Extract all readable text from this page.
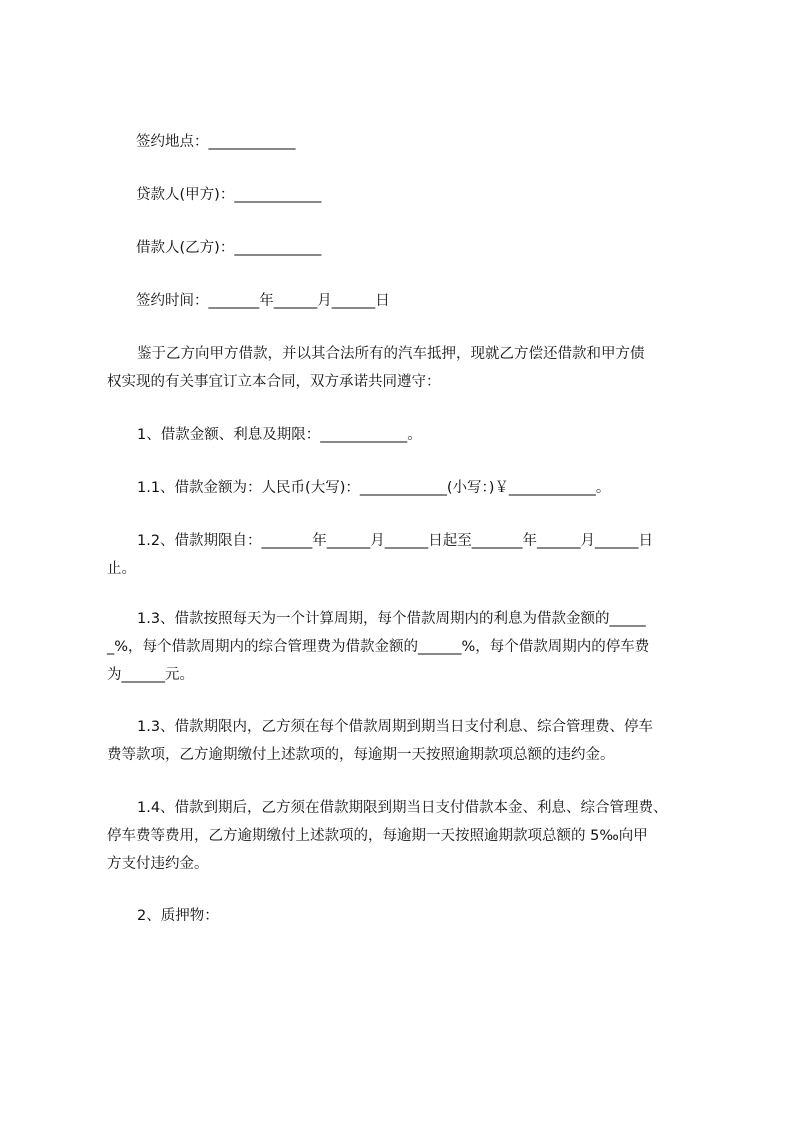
签约地点：____________
贷款人(甲方)：____________
借款人(乙方)：____________
签约时间：_______年______月______日
鉴于乙方向甲方借款，并以其合法所有的汽车抵押，现就乙方偿还借款和甲方债
权实现的有关事宜订立本合同，双方承诺共同遵守：
1、借款金额、利息及期限：____________。
1.1、借款金额为：人民币(大写)：____________(小写：)￥____________。
1.2、借款期限自：_______年______月______日起至_______年______月______日
止。
1.3、借款按照每天为一个计算周期，每个借款周期内的利息为借款金额的_____
_%，每个借款周期内的综合管理费为借款金额的______%，每个借款周期内的停车费
为______元。
1.3、借款期限内，乙方须在每个借款周期到期当日支付利息、综合管理费、停车
费等款项，乙方逾期缴付上述款项的，每逾期一天按照逾期款项总额的违约金。
1.4、借款到期后，乙方须在借款期限到期当日支付借款本金、利息、综合管理费、
停车费等费用，乙方逾期缴付上述款项的，每逾期一天按照逾期款项总额的 5‰向甲
方支付违约金。
2、质押物：
